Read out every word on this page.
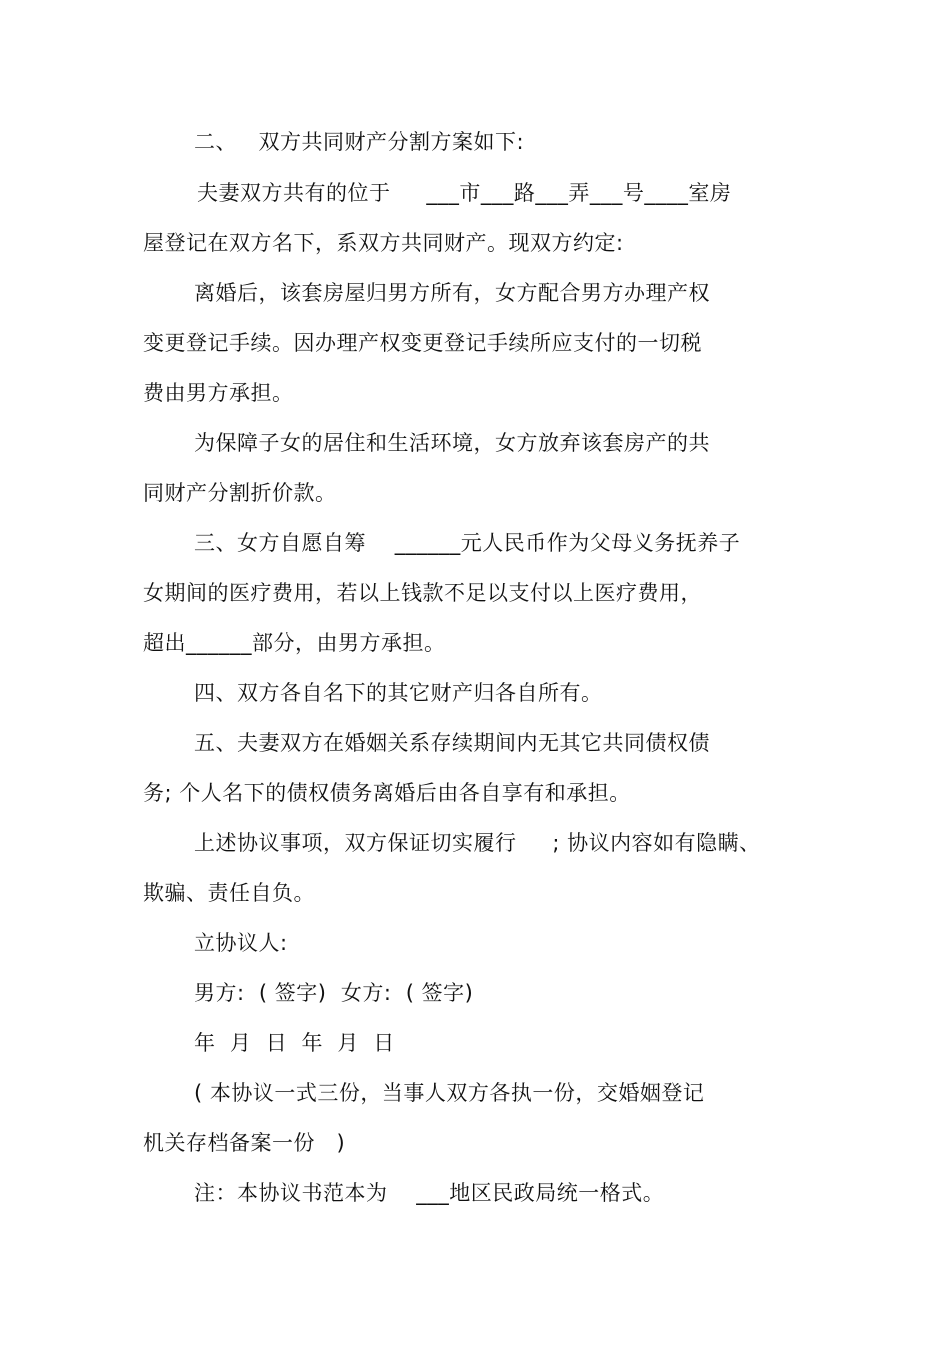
二、   双方共同财产分割方案如下:
夫妻双方共有的位于     ___市___路___弄___号____室房
屋登记在双方名下，系双方共同财产。现双方约定:
离婚后，该套房屋归男方所有，女方配合男方办理产权
变更登记手续。因办理产权变更登记手续所应支付的一切税
费由男方承担。
为保障子女的居住和生活环境，女方放弃该套房产的共
同财产分割折价款。
三、女方自愿自筹    ______元人民币作为父母义务抚养子
女期间的医疗费用，若以上钱款不足以支付以上医疗费用，
超出______部分，由男方承担。
四、双方各自名下的其它财产归各自所有。
五、夫妻双方在婚姻关系存续期间内无其它共同债权债
务; 个人名下的债权债务离婚后由各自享有和承担。
上述协议事项，双方保证切实履行     ; 协议内容如有隐瞒、
欺骗、责任自负。
立协议人:
男方:  ( 签字)  女方:  ( 签字)
年  月  日  年  月  日
( 本协议一式三份，当事人双方各执一份，交婚姻登记
机关存档备案一份   )
注：本协议书范本为    ___地区民政局统一格式。
